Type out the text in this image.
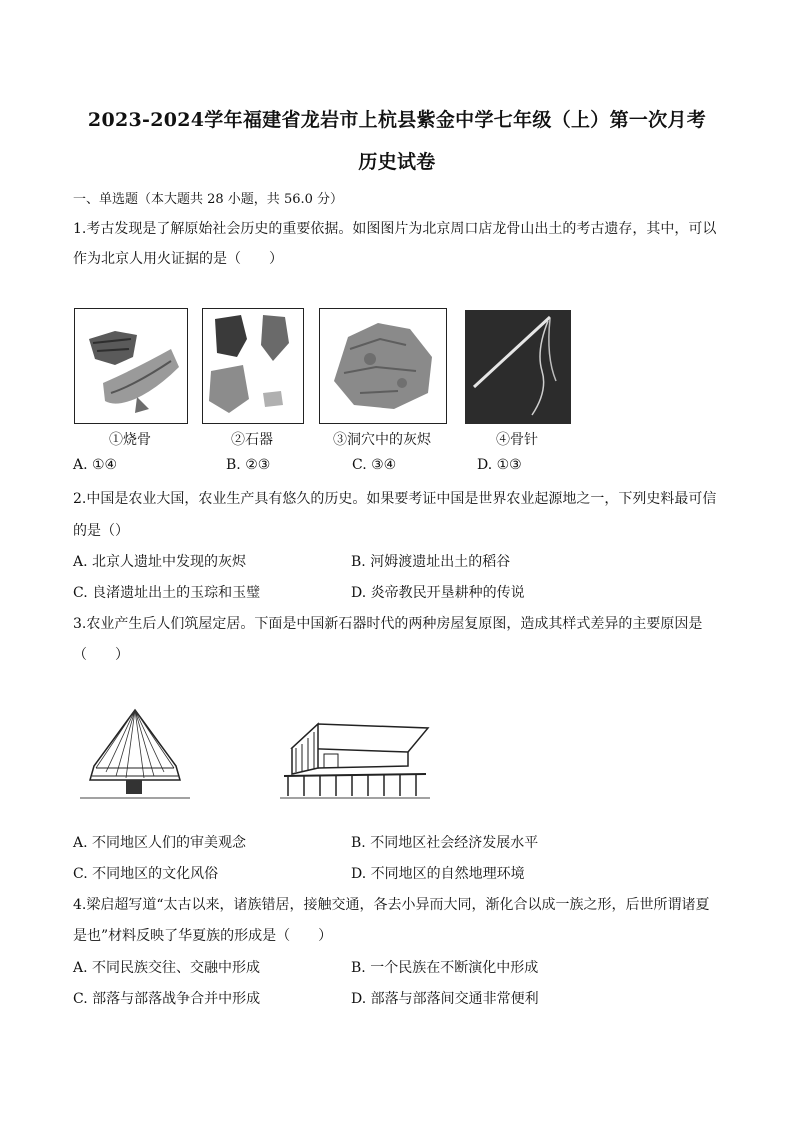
2023-2024学年福建省龙岩市上杭县紫金中学七年级（上）第一次月考
历史试卷
一、单选题（本大题共 28 小题，共 56.0 分）
1.考古发现是了解原始社会历史的重要依据。如图图片为北京周口店龙骨山出土的考古遗存，其中，可以
作为北京人用火证据的是（　　）
①烧骨	②石器	③洞穴中的灰烬	④骨针
A. ①④	B. ②③	C. ③④	D. ①③
2.中国是农业大国，农业生产具有悠久的历史。如果要考证中国是世界农业起源地之一，下列史料最可信
的是（）
A. 北京人遗址中发现的灰烬	B. 河姆渡遗址出土的稻谷
C. 良渚遗址出土的玉琮和玉璧	D. 炎帝教民开垦耕种的传说
3.农业产生后人们筑屋定居。下面是中国新石器时代的两种房屋复原图，造成其样式差异的主要原因是
（　　）
A. 不同地区人们的审美观念	B. 不同地区社会经济发展水平
C. 不同地区的文化风俗	D. 不同地区的自然地理环境
4.梁启超写道“太古以来，诸族错居，接触交通，各去小异而大同，渐化合以成一族之形，后世所谓诸夏
是也”材料反映了华夏族的形成是（　　）
A. 不同民族交往、交融中形成	B. 一个民族在不断演化中形成
C. 部落与部落战争合并中形成	D. 部落与部落间交通非常便利
